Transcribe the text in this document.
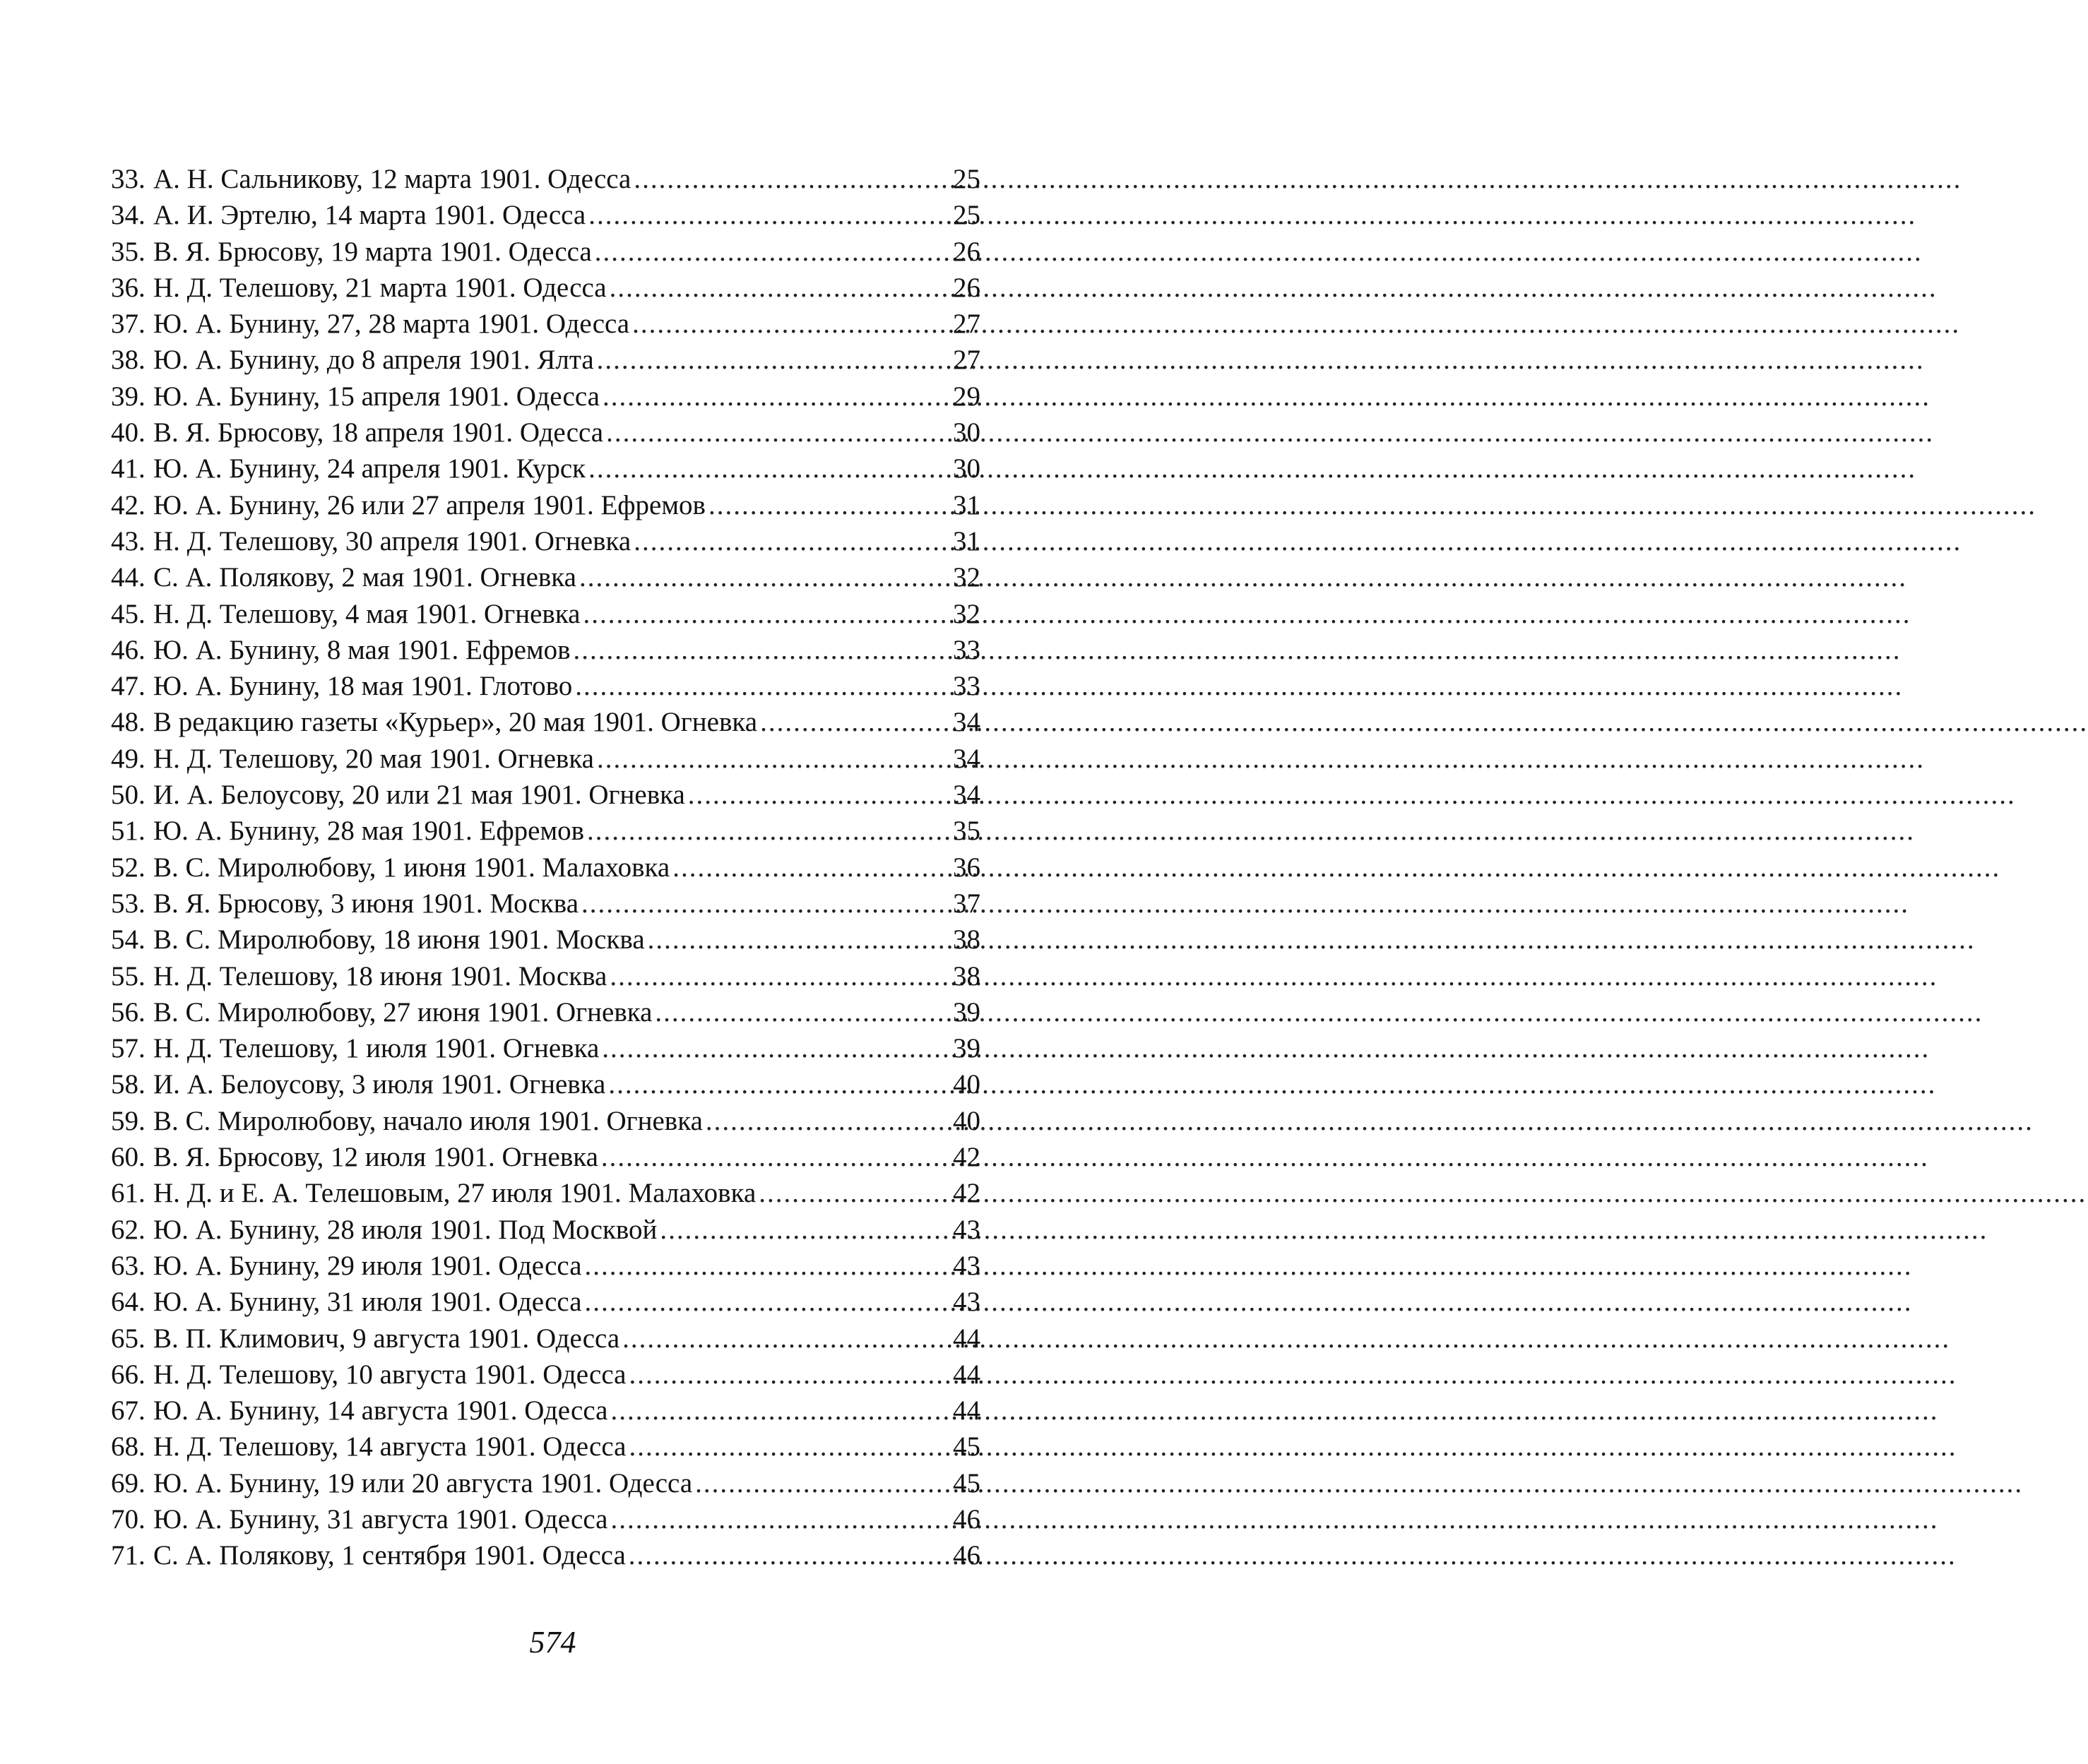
33. А. Н. Сальникову, 12 марта 1901. Одесса .....	25
34. А. И. Эртелю, 14 марта 1901. Одесса .....	25
35. В. Я. Брюсову, 19 марта 1901. Одесса .....	26
36. Н. Д. Телешову, 21 марта 1901. Одесса .....	26
37. Ю. А. Бунину, 27, 28 марта 1901. Одесса .....	27
38. Ю. А. Бунину, до 8 апреля 1901. Ялта .....	27
39. Ю. А. Бунину, 15 апреля 1901. Одесса .....	29
40. В. Я. Брюсову, 18 апреля 1901. Одесса .....	30
41. Ю. А. Бунину, 24 апреля 1901. Курск .....	30
42. Ю. А. Бунину, 26 или 27 апреля 1901. Ефремов .....	31
43. Н. Д. Телешову, 30 апреля 1901. Огневка .....	31
44. С. А. Полякову, 2 мая 1901. Огневка .....	32
45. Н. Д. Телешову, 4 мая 1901. Огневка .....	32
46. Ю. А. Бунину, 8 мая 1901. Ефремов .....	33
47. Ю. А. Бунину, 18 мая 1901. Глотово .....	33
48. В редакцию газеты «Курьер», 20 мая 1901. Огневка .....	34
49. Н. Д. Телешову, 20 мая 1901. Огневка .....	34
50. И. А. Белоусову, 20 или 21 мая 1901. Огневка .....	34
51. Ю. А. Бунину, 28 мая 1901. Ефремов .....	35
52. В. С. Миролюбову, 1 июня 1901. Малаховка .....	36
53. В. Я. Брюсову, 3 июня 1901. Москва .....	37
54. В. С. Миролюбову, 18 июня 1901. Москва .....	38
55. Н. Д. Телешову, 18 июня 1901. Москва .....	38
56. В. С. Миролюбову, 27 июня 1901. Огневка .....	39
57. Н. Д. Телешову, 1 июля 1901. Огневка .....	39
58. И. А. Белоусову, 3 июля 1901. Огневка .....	40
59. В. С. Миролюбову, начало июля 1901. Огневка .....	40
60. В. Я. Брюсову, 12 июля 1901. Огневка .....	42
61. Н. Д. и Е. А. Телешовым, 27 июля 1901. Малаховка .....	42
62. Ю. А. Бунину, 28 июля 1901. Под Москвой .....	43
63. Ю. А. Бунину, 29 июля 1901. Одесса .....	43
64. Ю. А. Бунину, 31 июля 1901. Одесса .....	43
65. В. П. Климович, 9 августа 1901. Одесса .....	44
66. Н. Д. Телешову, 10 августа 1901. Одесса .....	44
67. Ю. А. Бунину, 14 августа 1901. Одесса .....	44
68. Н. Д. Телешову, 14 августа 1901. Одесса .....	45
69. Ю. А. Бунину, 19 или 20 августа 1901. Одесса .....	45
70. Ю. А. Бунину, 31 августа 1901. Одесса .....	46
71. С. А. Полякову, 1 сентября 1901. Одесса .....	46
574
